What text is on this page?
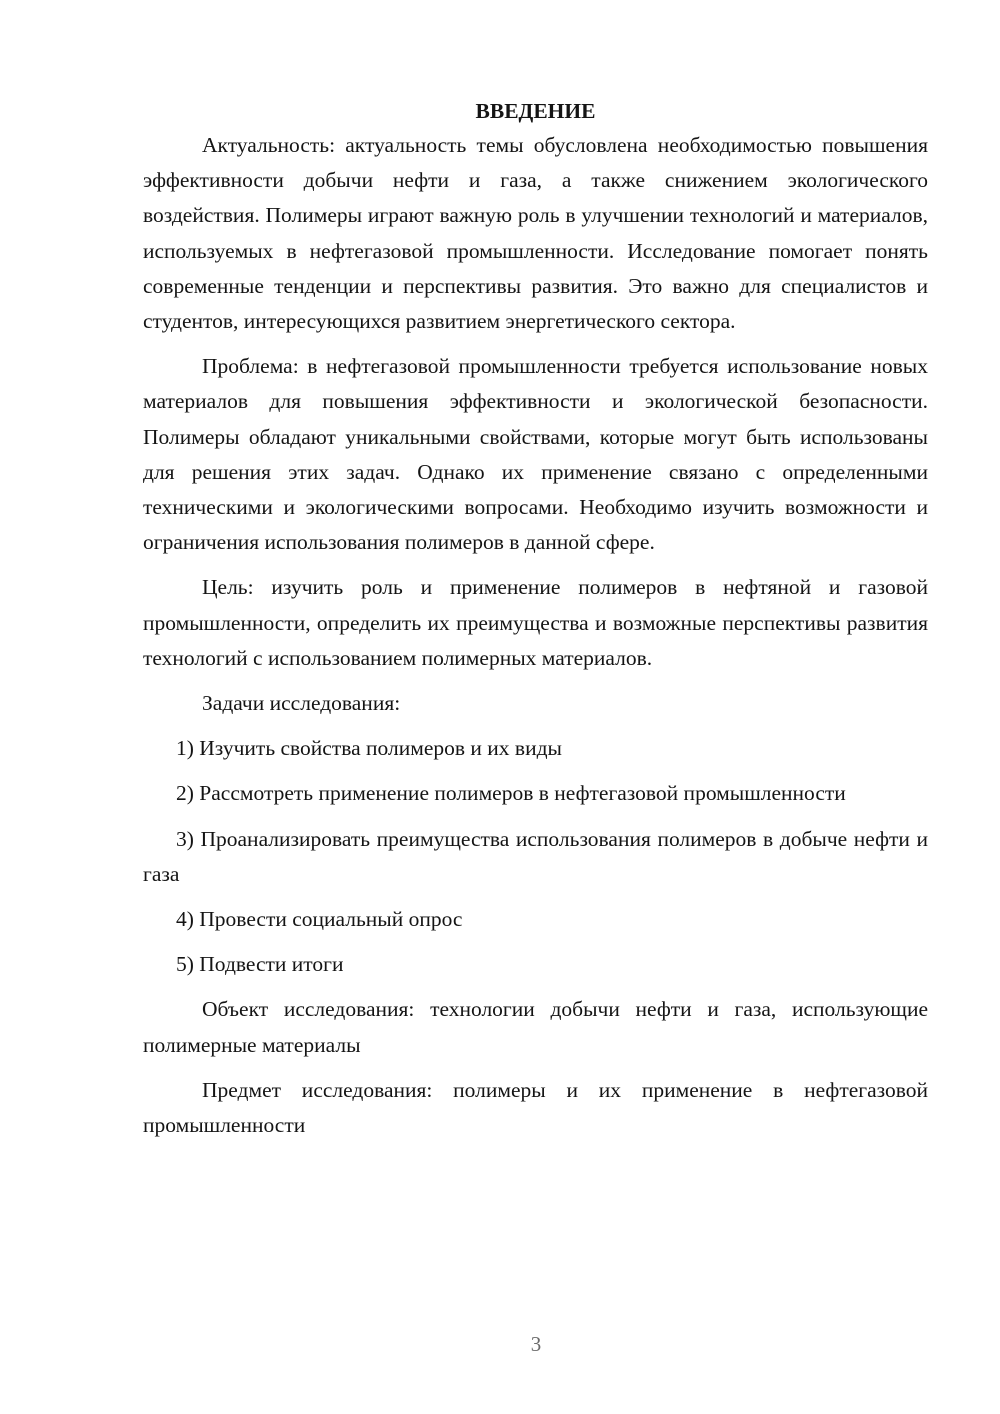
ВВЕДЕНИЕ

Актуальность: актуальность темы обусловлена необходимостью повышения эффективности добычи нефти и газа, а также снижением экологического воздействия. Полимеры играют важную роль в улучшении технологий и материалов, используемых в нефтегазовой промышленности. Исследование помогает понять современные тенденции и перспективы развития. Это важно для специалистов и студентов, интересующихся развитием энергетического сектора.

Проблема: в нефтегазовой промышленности требуется использование новых материалов для повышения эффективности и экологической безопасности. Полимеры обладают уникальными свойствами, которые могут быть использованы для решения этих задач. Однако их применение связано с определенными техническими и экологическими вопросами. Необходимо изучить возможности и ограничения использования полимеров в данной сфере.

Цель: изучить роль и применение полимеров в нефтяной и газовой промышленности, определить их преимущества и возможные перспективы развития технологий с использованием полимерных материалов.

Задачи исследования:

1) Изучить свойства полимеров и их виды

2) Рассмотреть применение полимеров в нефтегазовой промышленности

3) Проанализировать преимущества использования полимеров в добыче нефти и газа

4) Провести социальный опрос

5) Подвести итоги

Объект исследования: технологии добычи нефти и газа, использующие полимерные материалы

Предмет исследования: полимеры и их применение в нефтегазовой промышленности

3
